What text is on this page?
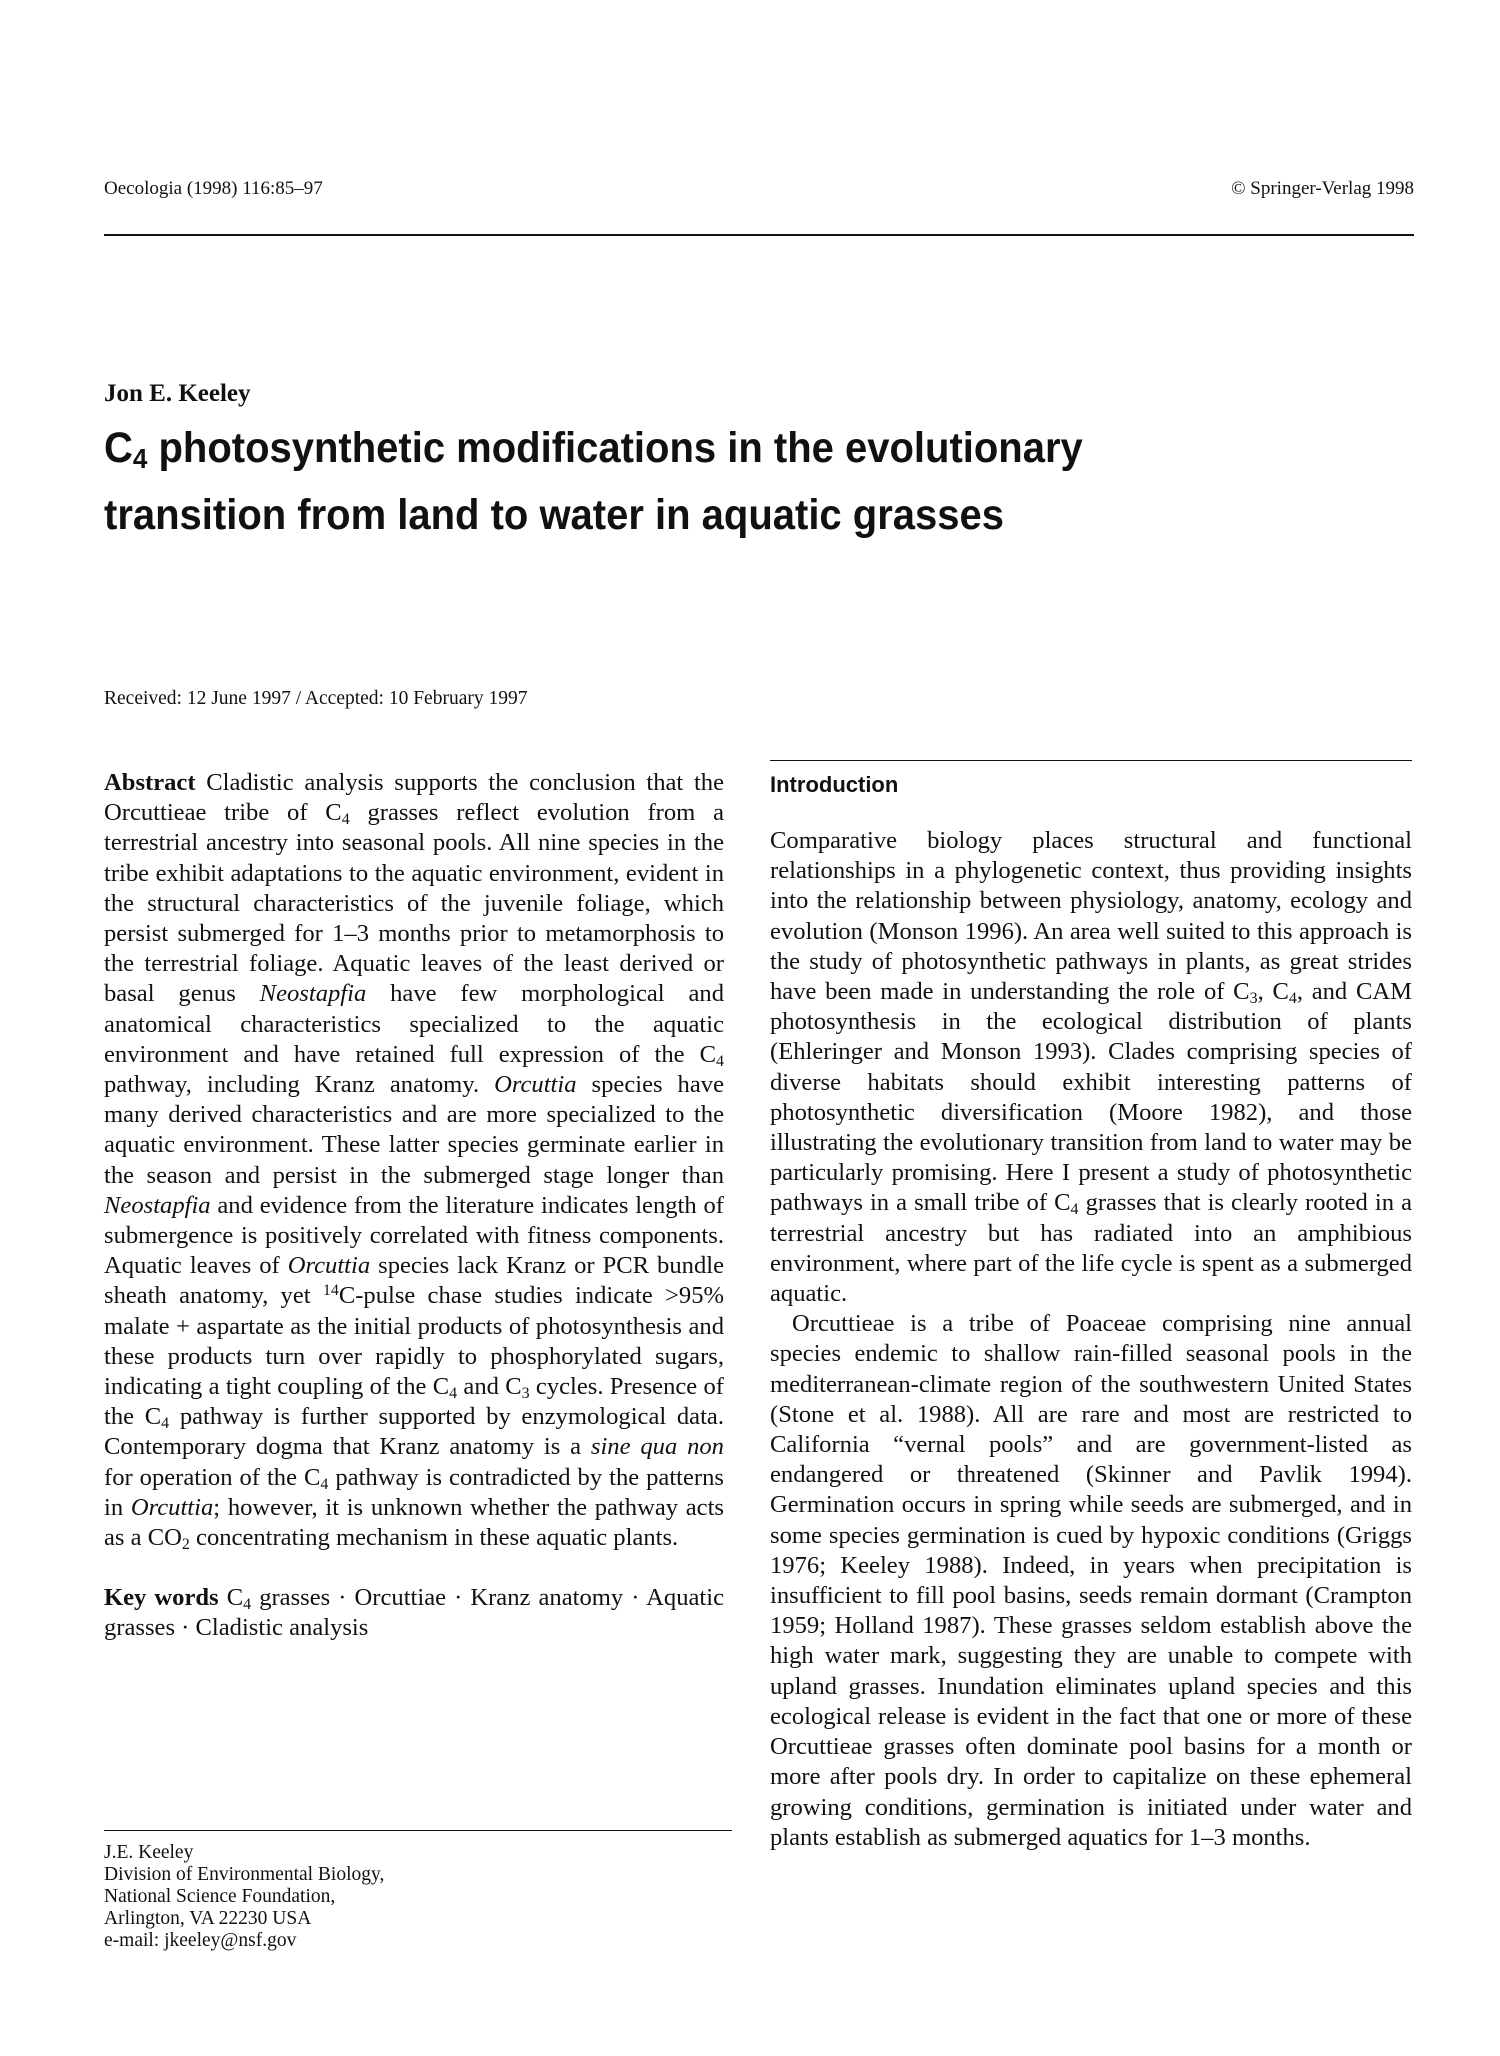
Oecologia (1998) 116:85–97	© Springer-Verlag 1998
Jon E. Keeley
$C_4$ photosynthetic modifications in the evolutionary transition from land to water in aquatic grasses
Received: 12 June 1997 / Accepted: 10 February 1997

Abstract Cladistic analysis supports the conclusion that the Orcuttieae tribe of $C_4$ grasses reflect evolution from a terrestrial ancestry into seasonal pools. All nine species in the tribe exhibit adaptations to the aquatic environment, evident in the structural characteristics of the juvenile foliage, which persist submerged for 1–3 months prior to metamorphosis to the terrestrial foliage. Aquatic leaves of the least derived or basal genus Neostapfia have few morphological and anatomical characteristics specialized to the aquatic environment and have retained full expression of the $C_4$ pathway, including Kranz anatomy. Orcuttia species have many derived characteristics and are more specialized to the aquatic environment. These latter species germinate earlier in the season and persist in the submerged stage longer than Neostapfia and evidence from the literature indicates length of submergence is positively correlated with fitness components. Aquatic leaves of Orcuttia species lack Kranz or PCR bundle sheath anatomy, yet $^{14}$C-pulse chase studies indicate >95% malate + aspartate as the initial products of photosynthesis and these products turn over rapidly to phosphorylated sugars, indicating a tight coupling of the $C_4$ and $C_3$ cycles. Presence of the $C_4$ pathway is further supported by enzymological data. Contemporary dogma that Kranz anatomy is a sine qua non for operation of the $C_4$ pathway is contradicted by the patterns in Orcuttia; however, it is unknown whether the pathway acts as a $CO_2$ concentrating mechanism in these aquatic plants.

Key words $C_4$ grasses · Orcuttiae · Kranz anatomy · Aquatic grasses · Cladistic analysis

J.E. Keeley
Division of Environmental Biology,
National Science Foundation,
Arlington, VA 22230 USA
e-mail: jkeeley@nsf.gov
Introduction

Comparative biology places structural and functional relationships in a phylogenetic context, thus providing insights into the relationship between physiology, anatomy, ecology and evolution (Monson 1996). An area well suited to this approach is the study of photosynthetic pathways in plants, as great strides have been made in understanding the role of $C_3$, $C_4$, and CAM photosynthesis in the ecological distribution of plants (Ehleringer and Monson 1993). Clades comprising species of diverse habitats should exhibit interesting patterns of photosynthetic diversification (Moore 1982), and those illustrating the evolutionary transition from land to water may be particularly promising. Here I present a study of photosynthetic pathways in a small tribe of $C_4$ grasses that is clearly rooted in a terrestrial ancestry but has radiated into an amphibious environment, where part of the life cycle is spent as a submerged aquatic.

Orcuttieae is a tribe of Poaceae comprising nine annual species endemic to shallow rain-filled seasonal pools in the mediterranean-climate region of the southwestern United States (Stone et al. 1988). All are rare and most are restricted to California “vernal pools” and are government-listed as endangered or threatened (Skinner and Pavlik 1994). Germination occurs in spring while seeds are submerged, and in some species germination is cued by hypoxic conditions (Griggs 1976; Keeley 1988). Indeed, in years when precipitation is insufficient to fill pool basins, seeds remain dormant (Crampton 1959; Holland 1987). These grasses seldom establish above the high water mark, suggesting they are unable to compete with upland grasses. Inundation eliminates upland species and this ecological release is evident in the fact that one or more of these Orcuttieae grasses often dominate pool basins for a month or more after pools dry. In order to capitalize on these ephemeral growing conditions, germination is initiated under water and plants establish as submerged aquatics for 1–3 months.
